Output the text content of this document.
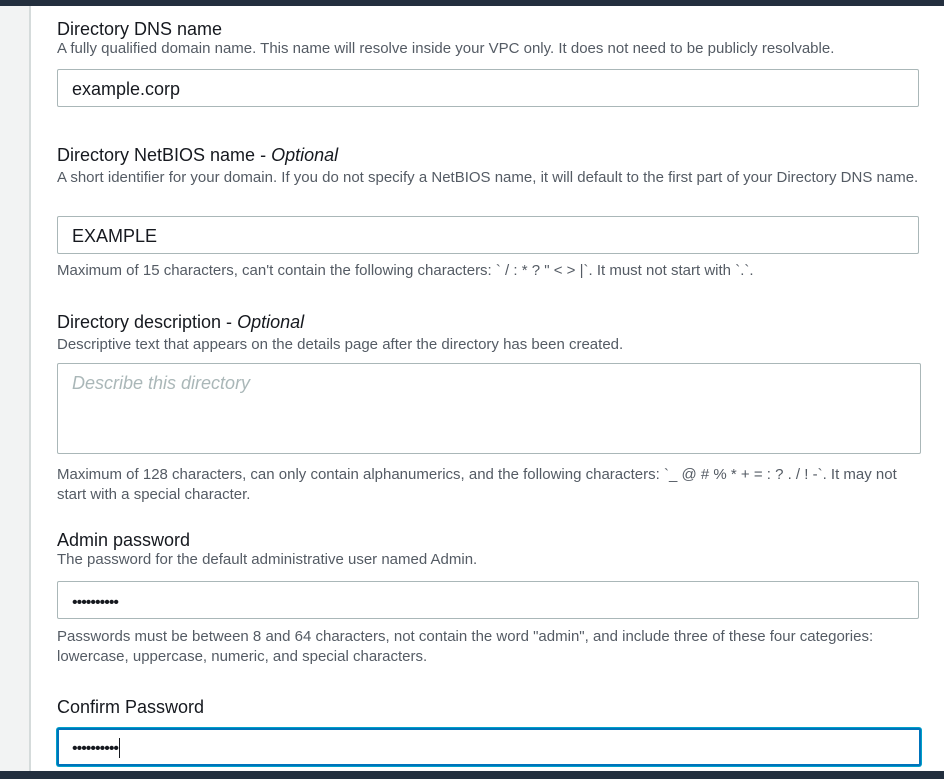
Directory DNS name

A fully qualified domain name. This name will resolve inside your VPC only. It does not need to be publicly resolvable.

example.corp

Directory NetBIOS name - Optional

A short identifier for your domain. If you do not specify a NetBIOS name, it will default to the first part of your Directory DNS name.

EXAMPLE

Maximum of 15 characters, can't contain the following characters: ` / : * ? " < > |`. It must not start with `.`.

Directory description - Optional

Descriptive text that appears on the details page after the directory has been created.

Describe this directory

Maximum of 128 characters, can only contain alphanumerics, and the following characters: `_ @ # % * + = : ? . / ! -`. It may not start with a special character.

Admin password

The password for the default administrative user named Admin.

••••••••••

Passwords must be between 8 and 64 characters, not contain the word "admin", and include three of these four categories: lowercase, uppercase, numeric, and special characters.

Confirm Password

••••••••••
